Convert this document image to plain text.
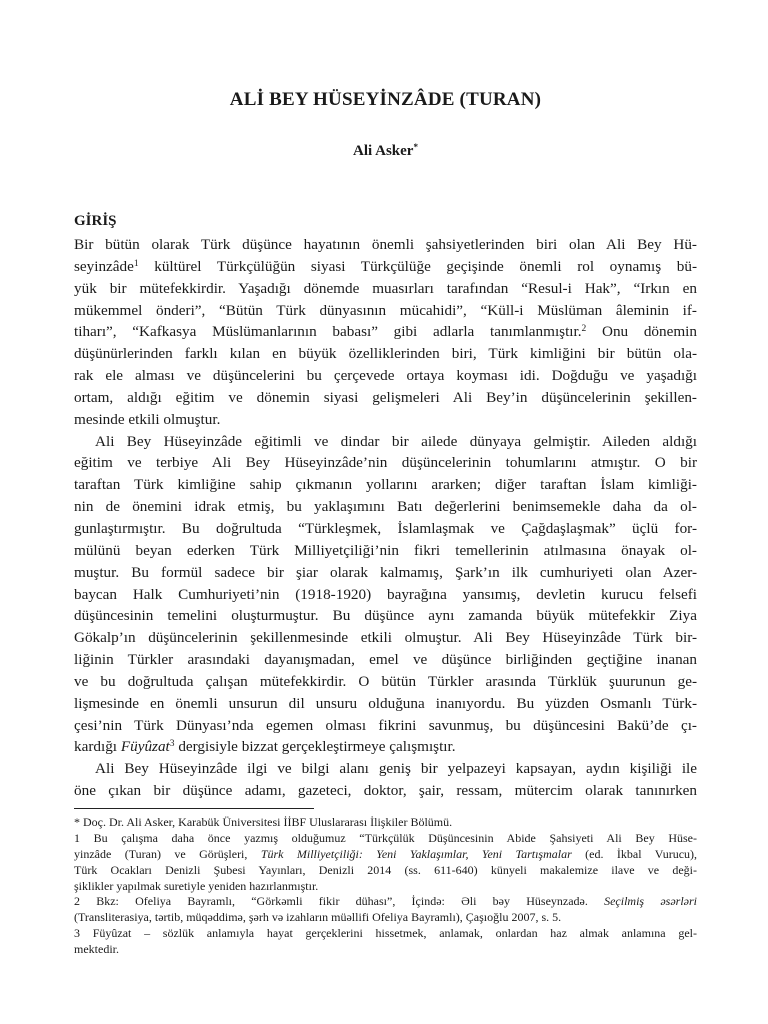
ALİ BEY HÜSEYİNZÂDE (TURAN)
Ali Asker*
GİRİŞ
Bir bütün olarak Türk düşünce hayatının önemli şahsiyetlerinden biri olan Ali Bey Hü-
seyinzâde$^1$ kültürel Türkçülüğün siyasi Türkçülüğe geçişinde önemli rol oynamış bü-
yük bir mütefekkirdir. Yaşadığı dönemde muasırları tarafından “Resul-i Hak”, “Irkın en
mükemmel önderi”, “Bütün Türk dünyasının mücahidi”, “Küll-i Müslüman âleminin if-
tiharı”, “Kafkasya Müslümanlarının babası” gibi adlarla tanımlanmıştır.$^2$ Onu dönemin
düşünürlerinden farklı kılan en büyük özelliklerinden biri, Türk kimliğini bir bütün ola-
rak ele alması ve düşüncelerini bu çerçevede ortaya koyması idi. Doğduğu ve yaşadığı
ortam, aldığı eğitim ve dönemin siyasi gelişmeleri Ali Bey’in düşüncelerinin şekillen-
mesinde etkili olmuştur.
Ali Bey Hüseyinzâde eğitimli ve dindar bir ailede dünyaya gelmiştir. Aileden aldığı
eğitim ve terbiye Ali Bey Hüseyinzâde’nin düşüncelerinin tohumlarını atmıştır. O bir
taraftan Türk kimliğine sahip çıkmanın yollarını ararken; diğer taraftan İslam kimliği-
nin de önemini idrak etmiş, bu yaklaşımını Batı değerlerini benimsemekle daha da ol-
gunlaştırmıştır. Bu doğrultuda “Türkleşmek, İslamlaşmak ve Çağdaşlaşmak” üçlü for-
mülünü beyan ederken Türk Milliyetçiliği’nin fikri temellerinin atılmasına önayak ol-
muştur. Bu formül sadece bir şiar olarak kalmamış, Şark’ın ilk cumhuriyeti olan Azer-
baycan Halk Cumhuriyeti’nin (1918-1920) bayrağına yansımış, devletin kurucu felsefi
düşüncesinin temelini oluşturmuştur. Bu düşünce aynı zamanda büyük mütefekkir Ziya
Gökalp’ın düşüncelerinin şekillenmesinde etkili olmuştur. Ali Bey Hüseyinzâde Türk bir-
liğinin Türkler arasındaki dayanışmadan, emel ve düşünce birliğinden geçtiğine inanan
ve bu doğrultuda çalışan mütefekkirdir. O bütün Türkler arasında Türklük şuurunun ge-
lişmesinde en önemli unsurun dil unsuru olduğuna inanıyordu. Bu yüzden Osmanlı Türk-
çesi’nin Türk Dünyası’nda egemen olması fikrini savunmuş, bu düşüncesini Bakü’de çı-
kardığı Füyûzat$^3$ dergisiyle bizzat gerçekleştirmeye çalışmıştır.
Ali Bey Hüseyinzâde ilgi ve bilgi alanı geniş bir yelpazeyi kapsayan, aydın kişiliği ile
öne çıkan bir düşünce adamı, gazeteci, doktor, şair, ressam, mütercim olarak tanınırken
* Doç. Dr. Ali Asker, Karabük Üniversitesi İİBF Uluslararası İlişkiler Bölümü.
1 Bu çalışma daha önce yazmış olduğumuz “Türkçülük Düşüncesinin Abide Şahsiyeti Ali Bey Hüse-
yinzâde (Turan) ve Görüşleri, Türk Milliyetçiliği: Yeni Yaklaşımlar, Yeni Tartışmalar (ed. İkbal Vurucu),
Türk Ocakları Denizli Şubesi Yayınları, Denizli 2014 (ss. 611-640) künyeli makalemize ilave ve deği-
şiklikler yapılmak suretiyle yeniden hazırlanmıştır.
2 Bkz: Ofeliya Bayramlı, “Görkəmli fikir dühası”, İçində: Əli bəy Hüseynzadə. Seçilmiş əsərləri
(Transliterasiya, tərtib, müqəddimə, şərh və izahların müəllifi Ofeliya Bayramlı), Çaşıoğlu 2007, s. 5.
3 Füyûzat – sözlük anlamıyla hayat gerçeklerini hissetmek, anlamak, onlardan haz almak anlamına gel-
mektedir.
